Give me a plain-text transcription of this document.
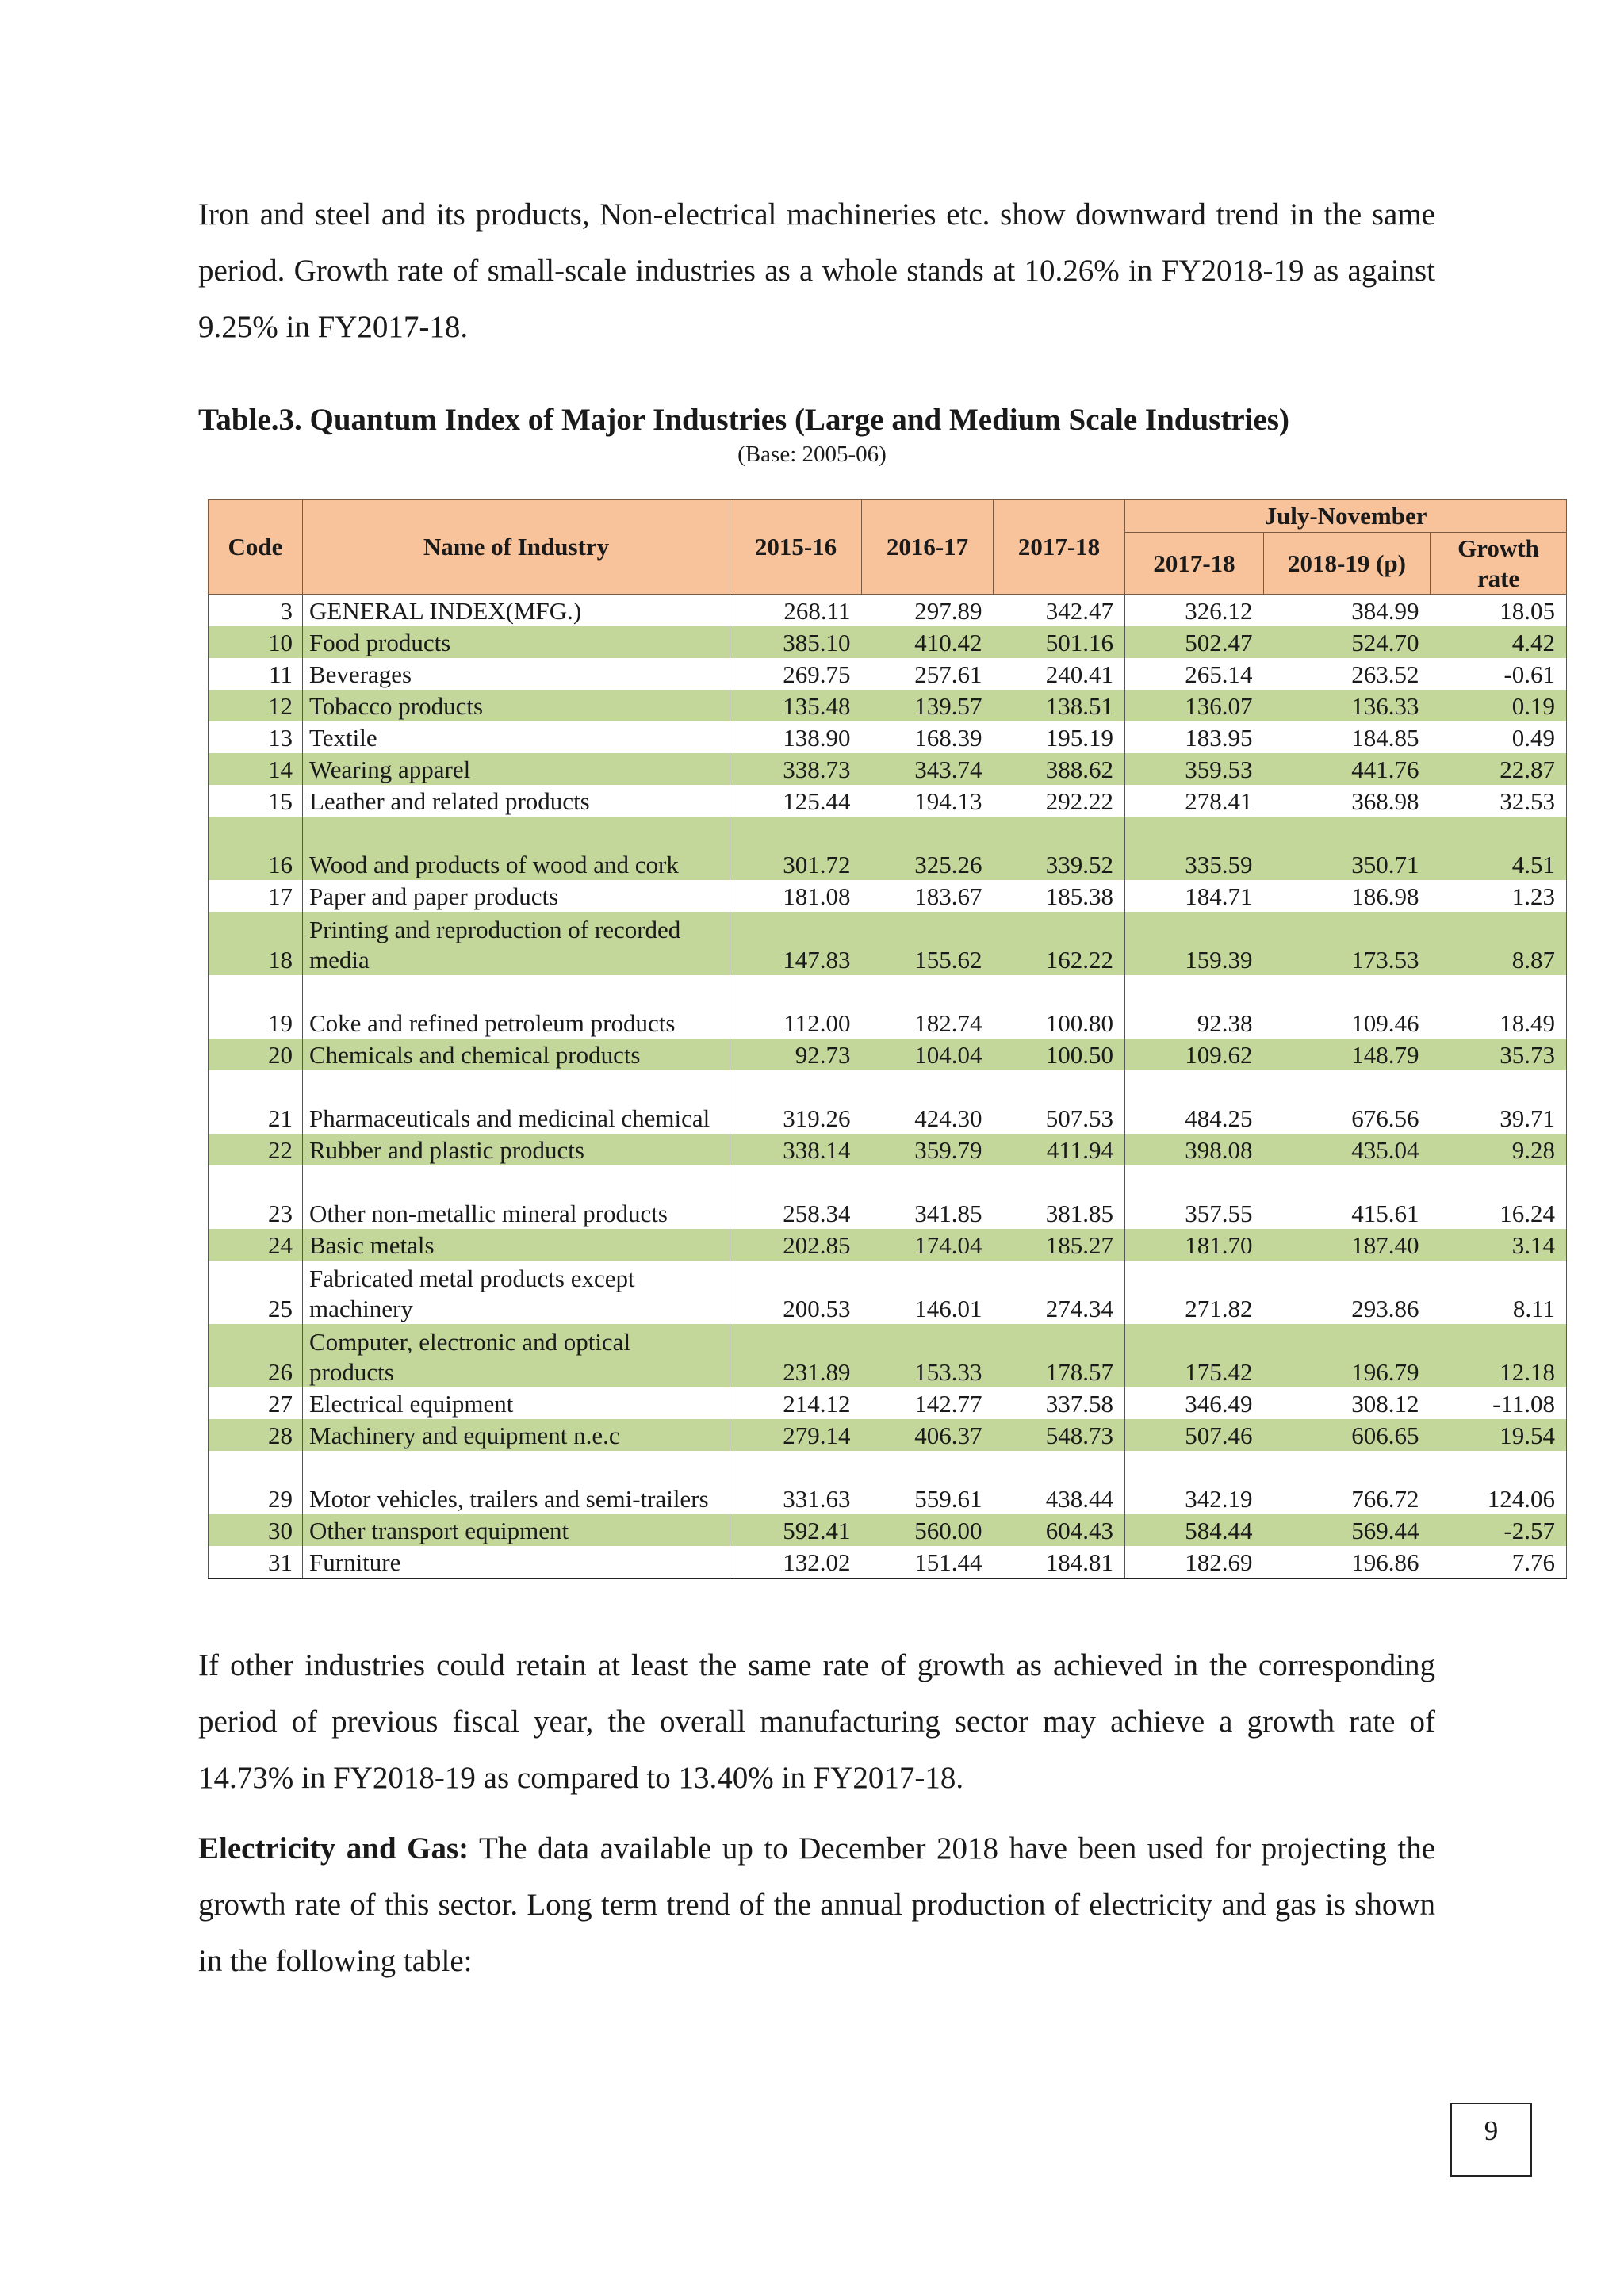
Iron and steel and its products, Non-electrical machineries etc. show downward trend in the same period. Growth rate of small-scale industries as a whole stands at 10.26% in FY2018-19 as against 9.25% in FY2017-18.

Table.3. Quantum Index of Major Industries (Large and Medium Scale Industries)
(Base: 2005-06)
Code	Name of Industry	2015-16	2016-17	2017-18	July-November		
					2017-18	2018-19 (p)	Growth rate
3	GENERAL INDEX(MFG.)	268.11	297.89	342.47	326.12	384.99	18.05
10	Food products	385.10	410.42	501.16	502.47	524.70	4.42
11	Beverages	269.75	257.61	240.41	265.14	263.52	-0.61
12	Tobacco products	135.48	139.57	138.51	136.07	136.33	0.19
13	Textile	138.90	168.39	195.19	183.95	184.85	0.49
14	Wearing apparel	338.73	343.74	388.62	359.53	441.76	22.87
15	Leather and related products	125.44	194.13	292.22	278.41	368.98	32.53
16	Wood and products of wood and cork	301.72	325.26	339.52	335.59	350.71	4.51
17	Paper and paper products	181.08	183.67	185.38	184.71	186.98	1.23
18	Printing and reproduction of recorded media	147.83	155.62	162.22	159.39	173.53	8.87
19	Coke and refined petroleum products	112.00	182.74	100.80	92.38	109.46	18.49
20	Chemicals and chemical products	92.73	104.04	100.50	109.62	148.79	35.73
21	Pharmaceuticals and medicinal chemical	319.26	424.30	507.53	484.25	676.56	39.71
22	Rubber and plastic products	338.14	359.79	411.94	398.08	435.04	9.28
23	Other non-metallic mineral products	258.34	341.85	381.85	357.55	415.61	16.24
24	Basic metals	202.85	174.04	185.27	181.70	187.40	3.14
25	Fabricated metal products except machinery	200.53	146.01	274.34	271.82	293.86	8.11
26	Computer, electronic and optical products	231.89	153.33	178.57	175.42	196.79	12.18
27	Electrical equipment	214.12	142.77	337.58	346.49	308.12	-11.08
28	Machinery and equipment n.e.c	279.14	406.37	548.73	507.46	606.65	19.54
29	Motor vehicles, trailers and semi-trailers	331.63	559.61	438.44	342.19	766.72	124.06
30	Other transport equipment	592.41	560.00	604.43	584.44	569.44	-2.57
31	Furniture	132.02	151.44	184.81	182.69	196.86	7.76

If other industries could retain at least the same rate of growth as achieved in the corresponding period of previous fiscal year, the overall manufacturing sector may achieve a growth rate of 14.73% in FY2018-19 as compared to 13.40% in FY2017-18.

Electricity and Gas: The data available up to December 2018 have been used for projecting the growth rate of this sector. Long term trend of the annual production of electricity and gas is shown in the following table:

9
